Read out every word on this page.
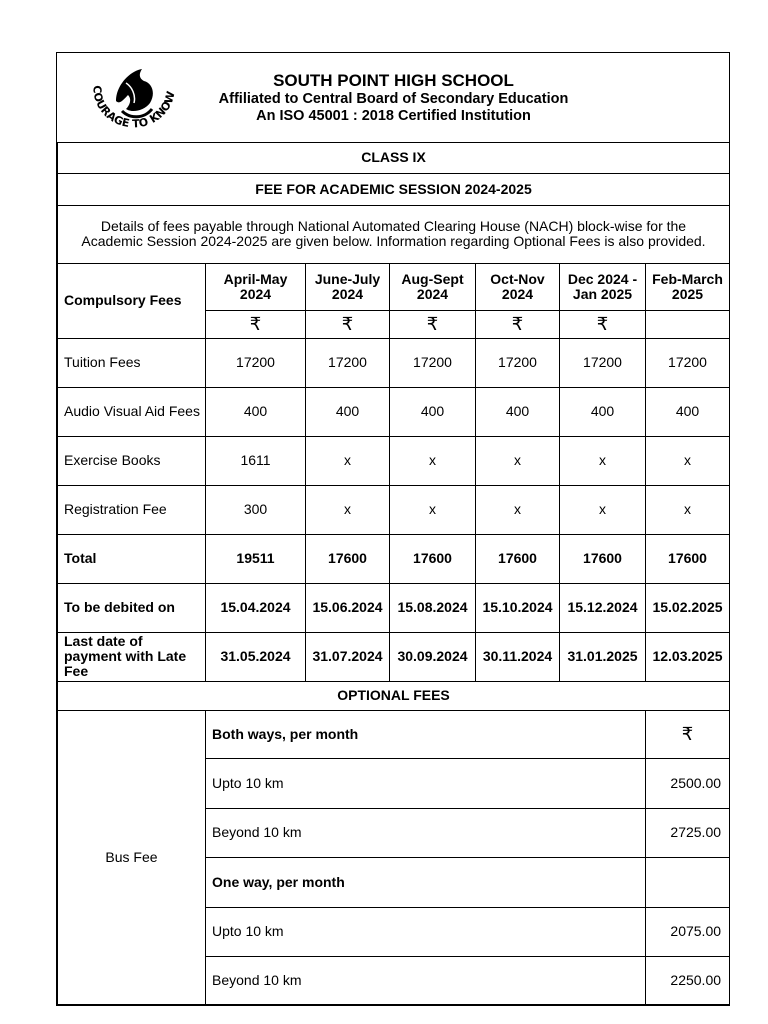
COURAGE TO KNOW
SOUTH POINT HIGH SCHOOL
Affiliated to Central Board of Secondary Education
An ISO 45001 : 2018 Certified Institution						

CLASS IX						
FEE FOR ACADEMIC SESSION 2024-2025						
Details of fees payable through National Automated Clearing House (NACH) block-wise for the Academic Session 2024-2025 are given below. Information regarding Optional Fees is also provided.						
Compulsory Fees	April-May 2024	June-July 2024	Aug-Sept 2024	Oct-Nov 2024	Dec 2024 - Jan 2025	Feb-March 2025
	₹	₹	₹	₹	₹	
Tuition Fees	17200	17200	17200	17200	17200	17200
Audio Visual Aid Fees	400	400	400	400	400	400
Exercise Books	1611	x	x	x	x	x
Registration Fee	300	x	x	x	x	x
Total	19511	17600	17600	17600	17600	17600
To be debited on	15.04.2024	15.06.2024	15.08.2024	15.10.2024	15.12.2024	15.02.2025
Last date of payment with Late Fee	31.05.2024	31.07.2024	30.09.2024	30.11.2024	31.01.2025	12.03.2025
OPTIONAL FEES						
Bus Fee	Both ways, per month					₹
	Upto 10 km					2500.00
	Beyond 10 km					2725.00
	One way, per month					
	Upto 10 km					2075.00
	Beyond 10 km					2250.00
